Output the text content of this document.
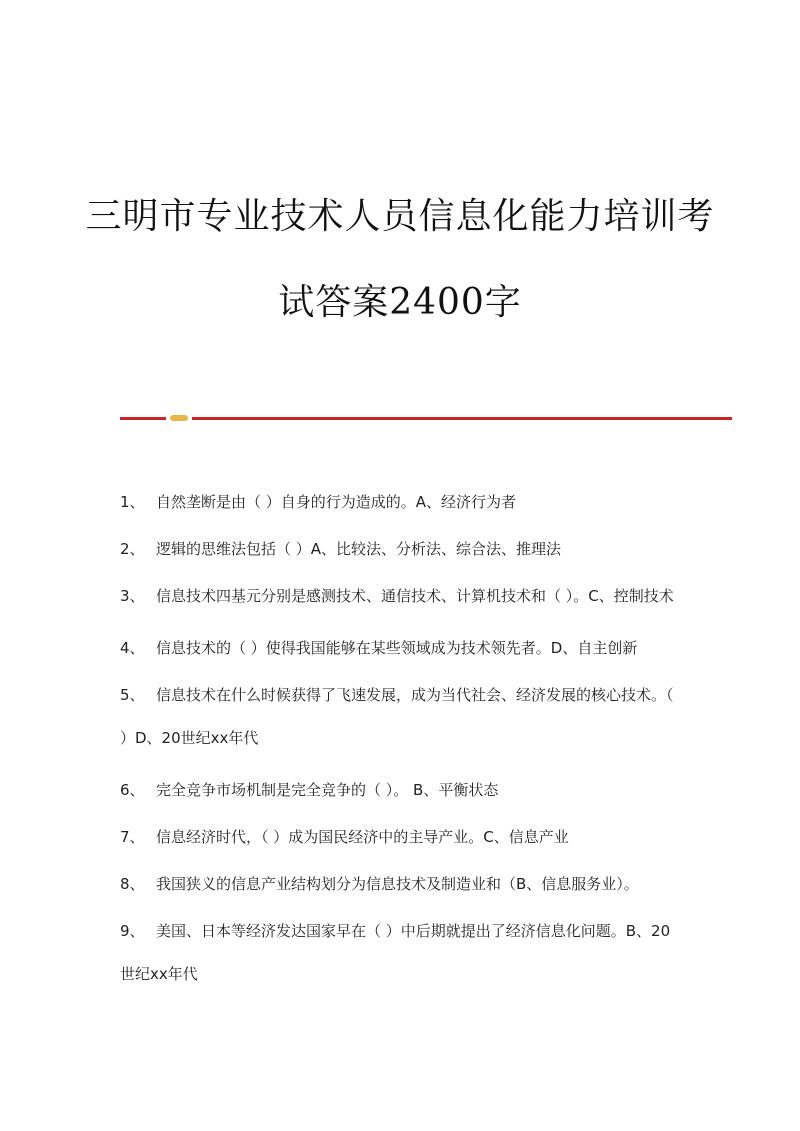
三明市专业技术人员信息化能力培训考
试答案2400字
1、 自然垄断是由（ ）自身的行为造成的。A、经济行为者
2、 逻辑的思维法包括（ ）A、比较法、分析法、综合法、推理法
3、 信息技术四基元分别是感测技术、通信技术、计算机技术和（ ）。C、控制技术
4、 信息技术的（ ）使得我国能够在某些领域成为技术领先者。D、自主创新
5、 信息技术在什么时候获得了飞速发展，成为当代社会、经济发展的核心技术。（ ）D、20世纪xx年代
6、 完全竞争市场机制是完全竞争的（ ）。 B、平衡状态
7、 信息经济时代，（ ）成为国民经济中的主导产业。C、信息产业
8、 我国狭义的信息产业结构划分为信息技术及制造业和（B、信息服务业）。
9、 美国、日本等经济发达国家早在（ ）中后期就提出了经济信息化问题。B、20世纪xx年代
